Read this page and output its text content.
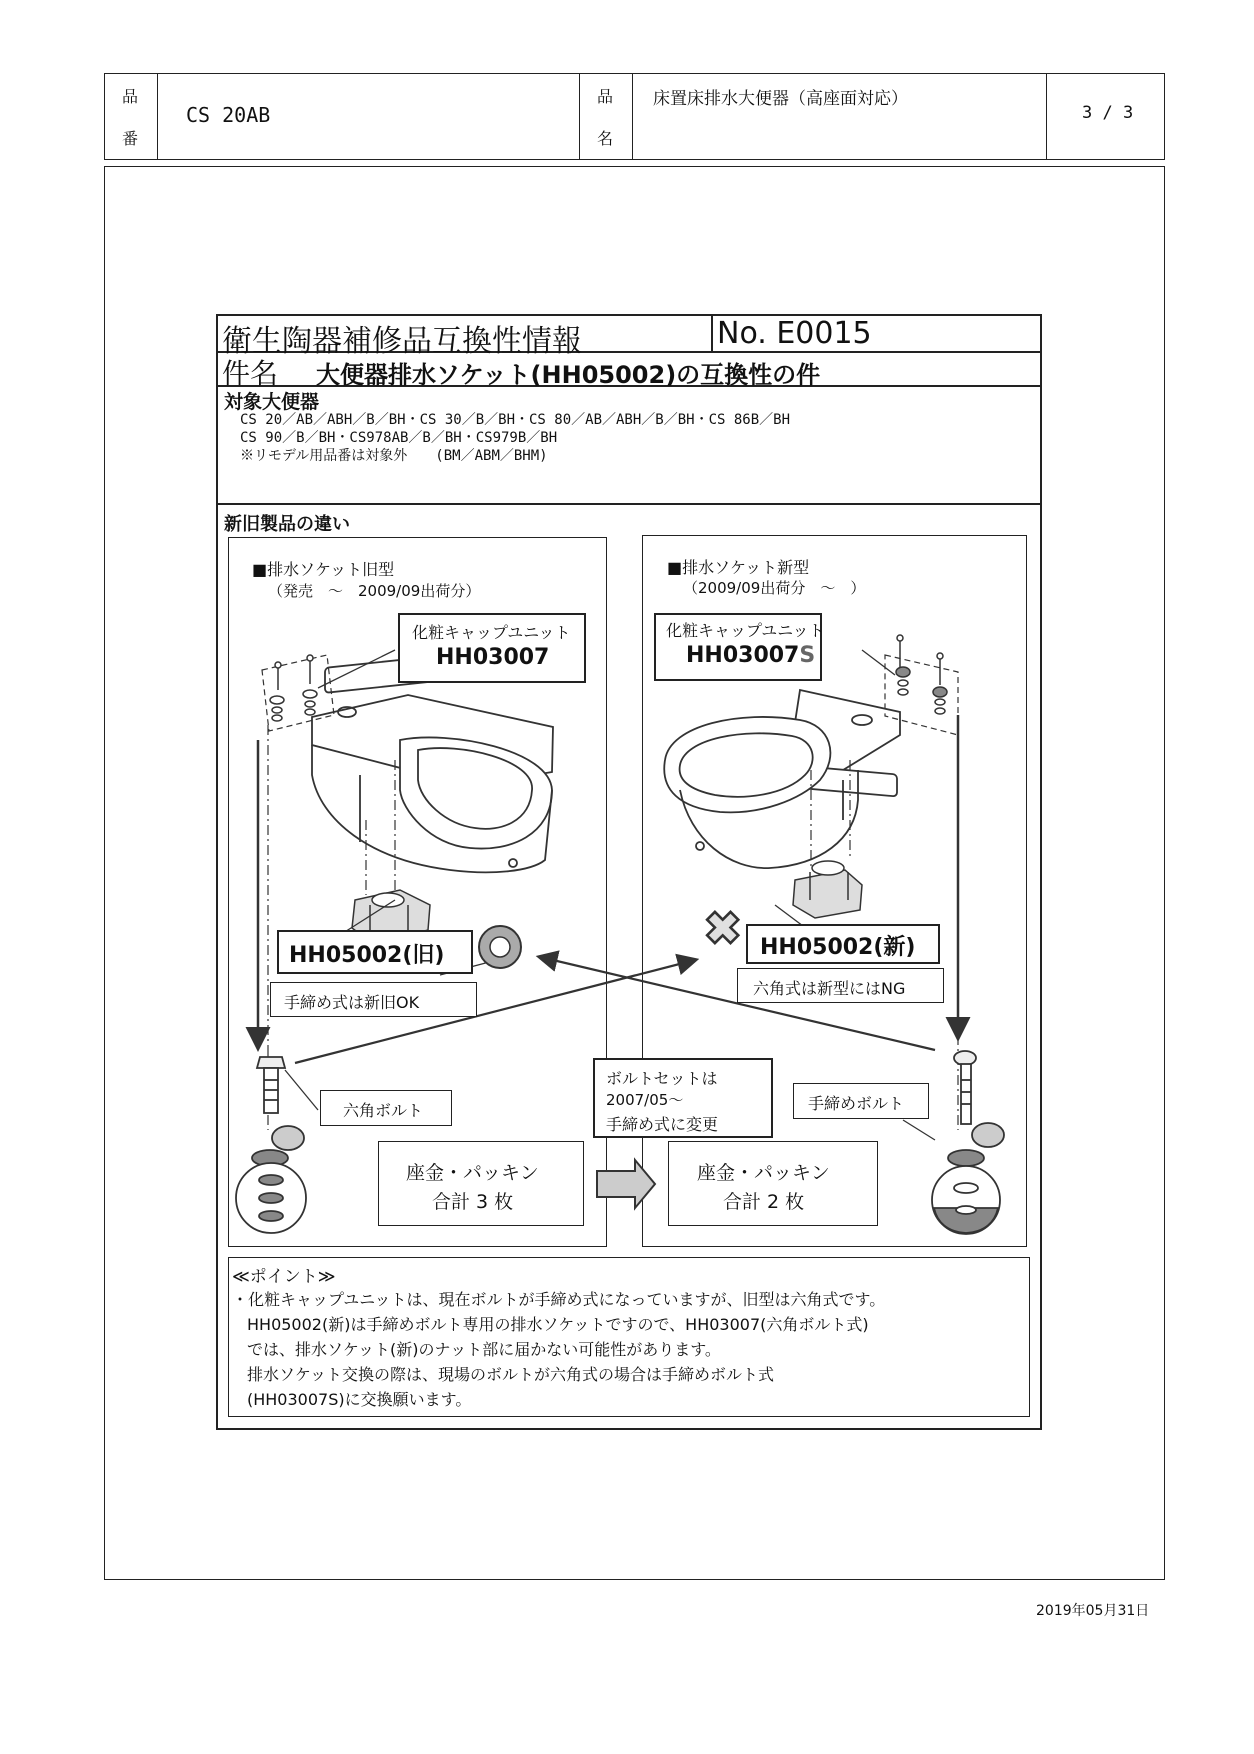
品
番
CS 20AB
品
名
床置床排水大便器（高座面対応）
3 / 3
衛生陶器補修品互換性情報	No. E0015
件名 大便器排水ソケット(HH05002)の互換性の件
対象大便器
CS 20／AB／ABH／B／BH・CS 30／B／BH・CS 80／AB／ABH／B／BH・CS 86B／BH
CS 90／B／BH・CS978AB／B／BH・CS979B／BH
※リモデル用品番は対象外　　(BM／ABM／BHM)
新旧製品の違い
■排水ソケット旧型
（発売　～　2009/09出荷分）
■排水ソケット新型
（2009/09出荷分　～　）
化粧キャップユニット
HH03007
HH05002(旧)
手締め式は新旧OK
六角ボルト
座金・パッキン
合計 3 枚
化粧キャップユニット
HH03007S
HH05002(新)
六角式は新型にはNG
手締めボルト
座金・パッキン
合計 2 枚
ボルトセットは
2007/05～
手締め式に変更
≪ポイント≫
・化粧キャップユニットは、現在ボルトが手締め式になっていますが、旧型は六角式です。
HH05002(新)は手締めボルト専用の排水ソケットですので、HH03007(六角ボルト式)
では、排水ソケット(新)のナット部に届かない可能性があります。
排水ソケット交換の際は、現場のボルトが六角式の場合は手締めボルト式
(HH03007S)に交換願います。
2019年05月31日
